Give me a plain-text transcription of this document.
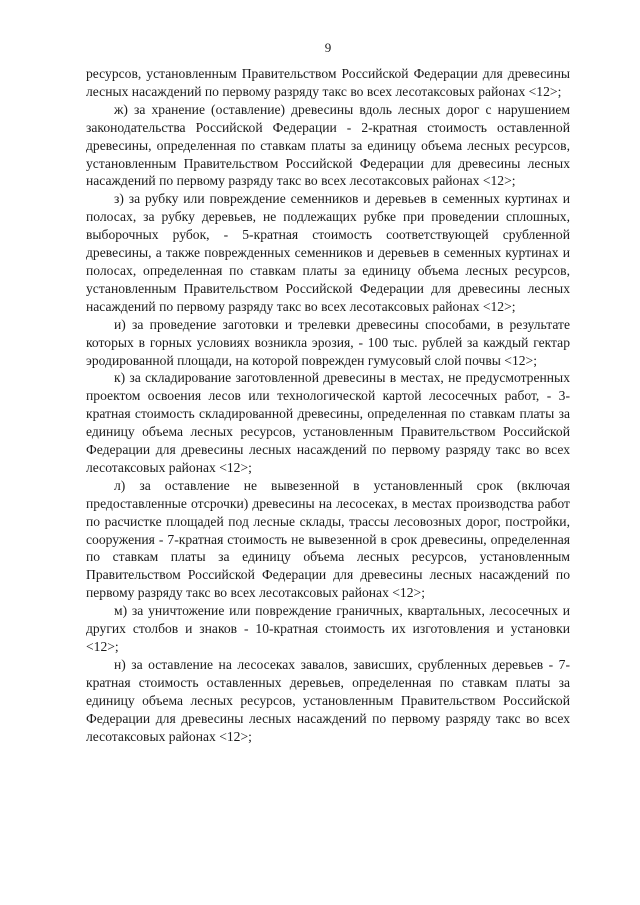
9

ресурсов, установленным Правительством Российской Федерации для древесины лесных насаждений по первому разряду такс во всех лесотаксовых районах <12>;

ж) за хранение (оставление) древесины вдоль лесных дорог с нарушением законодательства Российской Федерации - 2-кратная стоимость оставленной древесины, определенная по ставкам платы за единицу объема лесных ресурсов, установленным Правительством Российской Федерации для древесины лесных насаждений по первому разряду такс во всех лесотаксовых районах <12>;

з) за рубку или повреждение семенников и деревьев в семенных куртинах и полосах, за рубку деревьев, не подлежащих рубке при проведении сплошных, выборочных рубок, - 5-кратная стоимость соответствующей срубленной древесины, а также поврежденных семенников и деревьев в семенных куртинах и полосах, определенная по ставкам платы за единицу объема лесных ресурсов, установленным Правительством Российской Федерации для древесины лесных насаждений по первому разряду такс во всех лесотаксовых районах <12>;

и) за проведение заготовки и трелевки древесины способами, в результате которых в горных условиях возникла эрозия, - 100 тыс. рублей за каждый гектар эродированной площади, на которой поврежден гумусовый слой почвы <12>;

к) за складирование заготовленной древесины в местах, не предусмотренных проектом освоения лесов или технологической картой лесосечных работ, - 3-кратная стоимость складированной древесины, определенная по ставкам платы за единицу объема лесных ресурсов, установленным Правительством Российской Федерации для древесины лесных насаждений по первому разряду такс во всех лесотаксовых районах <12>;

л) за оставление не вывезенной в установленный срок (включая предоставленные отсрочки) древесины на лесосеках, в местах производства работ по расчистке площадей под лесные склады, трассы лесовозных дорог, постройки, сооружения - 7-кратная стоимость не вывезенной в срок древесины, определенная по ставкам платы за единицу объема лесных ресурсов, установленным Правительством Российской Федерации для древесины лесных насаждений по первому разряду такс во всех лесотаксовых районах <12>;

м) за уничтожение или повреждение граничных, квартальных, лесосечных и других столбов и знаков - 10-кратная стоимость их изготовления и установки <12>;

н) за оставление на лесосеках завалов, зависших, срубленных деревьев - 7-кратная стоимость оставленных деревьев, определенная по ставкам платы за единицу объема лесных ресурсов, установленным Правительством Российской Федерации для древесины лесных насаждений по первому разряду такс во всех лесотаксовых районах <12>;
